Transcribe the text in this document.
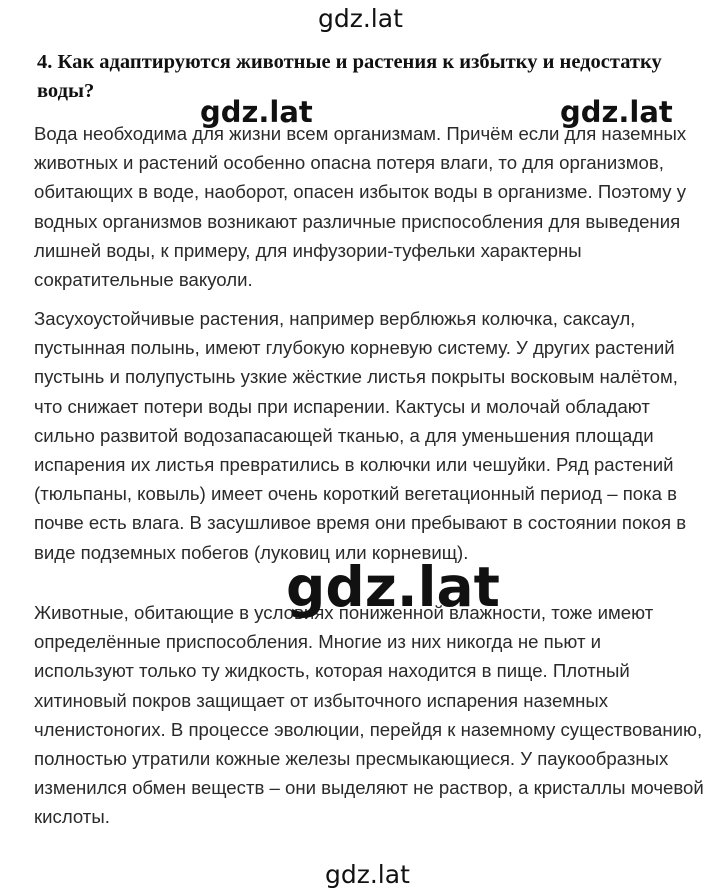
gdz.lat
4. Как адаптируются животные и растения к избытку и недостатку воды?

Вода необходима для жизни всем организмам. Причём если для наземных животных и растений особенно опасна потеря влаги, то для организмов, обитающих в воде, наоборот, опасен избыток воды в организме. Поэтому у водных организмов возникают различные приспособления для выведения лишней воды, к примеру, для инфузории-туфельки характерны сократительные вакуоли.

Засухоустойчивые растения, например верблюжья колючка, саксаул, пустынная полынь, имеют глубокую корневую систему. У других растений пустынь и полупустынь узкие жёсткие листья покрыты восковым налётом, что снижает потери воды при испарении. Кактусы и молочай обладают сильно развитой водозапасающей тканью, а для уменьшения площади испарения их листья превратились в колючки или чешуйки. Ряд растений (тюльпаны, ковыль) имеет очень короткий вегетационный период – пока в почве есть влага. В засушливое время они пребывают в состоянии покоя в виде подземных побегов (луковиц или корневищ).

Животные, обитающие в условиях пониженной влажности, тоже имеют определённые приспособления. Многие из них никогда не пьют и используют только ту жидкость, которая находится в пище. Плотный хитиновый покров защищает от избыточного испарения наземных членистоногих. В процессе эволюции, перейдя к наземному существованию, полностью утратили кожные железы пресмыкающиеся. У паукообразных изменился обмен веществ – они выделяют не раствор, а кристаллы мочевой кислоты.

gdz.lat	gdz.lat
gdz.lat
gdz.lat
